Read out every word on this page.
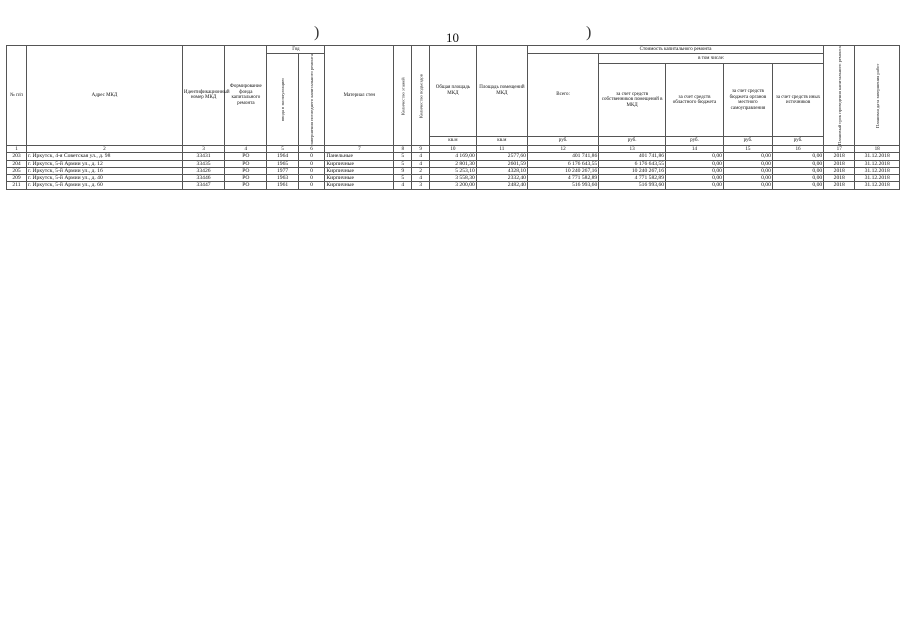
)	10	)
№ п/п	Адрес МКД	Идентификационный номер МКД	Формирование фонда капитального ремонта	Год		Материал стен	Количество этажей	Количество подъездов	Общая площадь МКД	Площадь помещений МКД	Стоимость капитального ремонта					Плановый срок проведения капитального ремонта	Плановая дата завершения работ
				ввода в эксплуатацию	завершения последнего капитального ремонта						Всего:	в том числе:					
												за счет средств собственников помещений в МКД	за счет средств областного бюджета	за счет средств бюджета органов местного самоуправления	за счет средств иных источников		
									кв.м	кв.м	руб.	руб.	руб.	руб.	руб.		
1	2	3	4	5	6	7	8	9	10	11	12	13	14	15	16	17	18
203	г. Иркутск, 4-я Советская ул., д. 98	33431	РО	1964	0	Панельные	5	4	4 169,00	2577,60	401 741,86	401 741,86	0,00	0,00	0,00	2018	31.12.2018
204	г. Иркутск, 5-й Армии ул., д. 12	33435	РО	1965	0	Кирпичные	5	4	2 801,30	2601,59	6 176 643,55	6 176 643,55	0,00	0,00	0,00	2018	31.12.2018
205	г. Иркутск, 5-й Армии ул., д. 16	33426	РО	1977	0	Кирпичные	9	2	5 253,10	4328,10	10 240 267,16	10 240 267,16	0,00	0,00	0,00	2018	31.12.2018
209	г. Иркутск, 5-й Армии ул., д. 40	33446	РО	1963	0	Кирпичные	5	4	3 558,30	2332,40	4 771 582,89	4 771 582,89	0,00	0,00	0,00	2018	31.12.2018
211	г. Иркутск, 5-й Армии ул., д. 60	33447	РО	1961	0	Кирпичные	4	3	3 200,00	2482,40	516 993,60	516 993,60	0,00	0,00	0,00	2018	31.12.2018
